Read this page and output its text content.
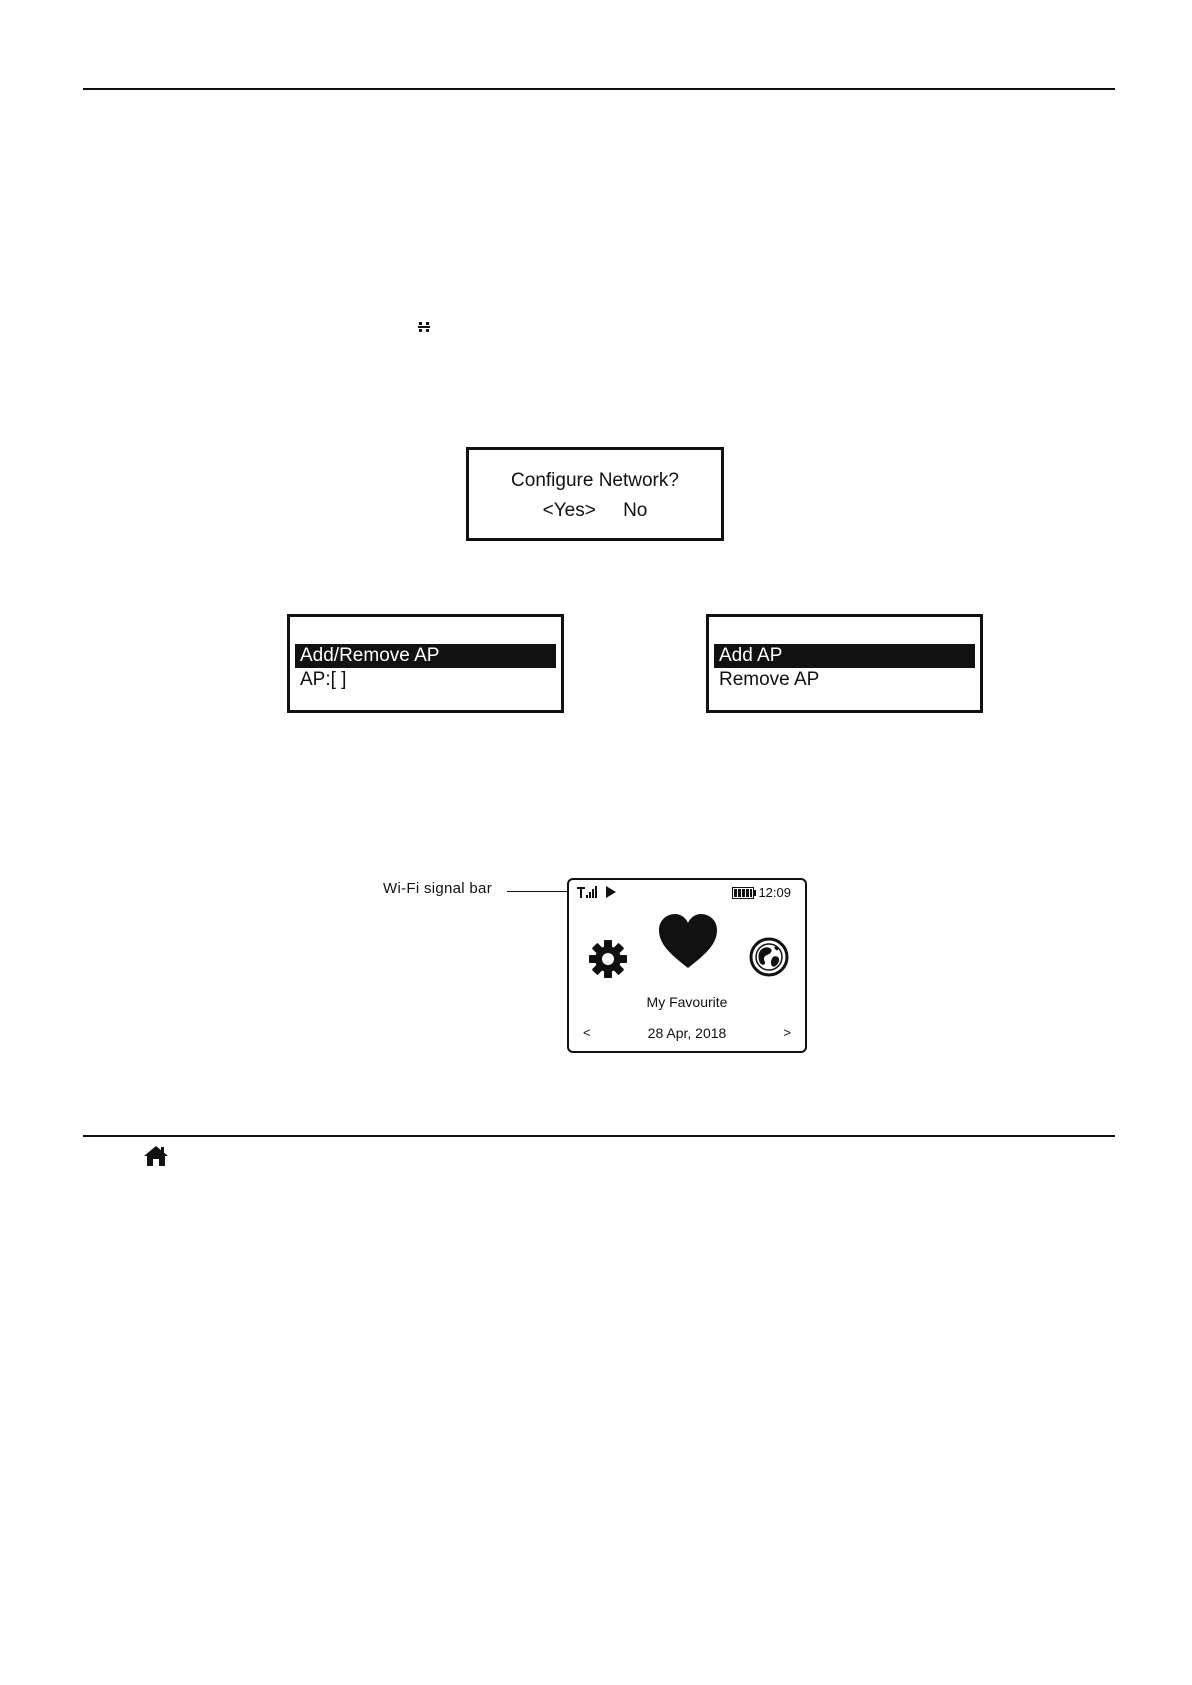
Configure Network?
<Yes> No
Add/Remove AP
AP:[ ]
Add AP
Remove AP
Wi-Fi signal bar	12:09
My Favourite
<	28 Apr, 2018	>
